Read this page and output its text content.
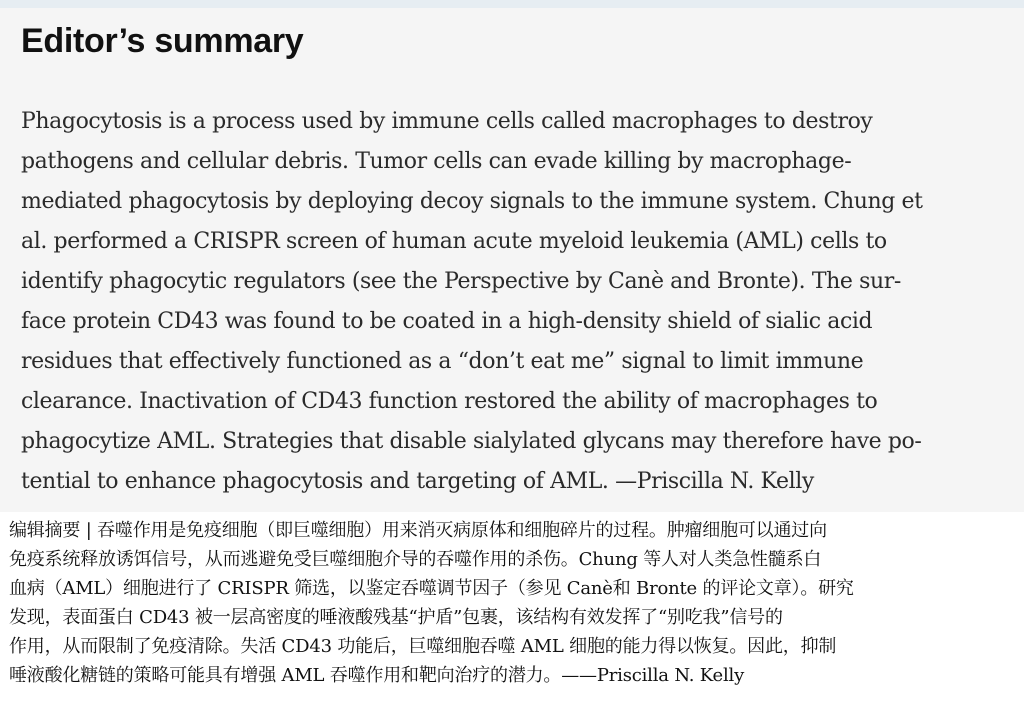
Editor’s summary

Phagocytosis is a process used by immune cells called macrophages to destroy
pathogens and cellular debris. Tumor cells can evade killing by macrophage-
mediated phagocytosis by deploying decoy signals to the immune system. Chung et
al. performed a CRISPR screen of human acute myeloid leukemia (AML) cells to
identify phagocytic regulators (see the Perspective by Canè and Bronte). The sur-
face protein CD43 was found to be coated in a high-density shield of sialic acid
residues that effectively functioned as a “don’t eat me” signal to limit immune
clearance. Inactivation of CD43 function restored the ability of macrophages to
phagocytize AML. Strategies that disable sialylated glycans may therefore have po-
tential to enhance phagocytosis and targeting of AML. —Priscilla N. Kelly

编辑摘要 | 吞噬作用是免疫细胞（即巨噬细胞）用来消灭病原体和细胞碎片的过程。肿瘤细胞可以通过向
免疫系统释放诱饵信号，从而逃避免受巨噬细胞介导的吞噬作用的杀伤。Chung 等人对人类急性髓系白
血病（AML）细胞进行了 CRISPR 筛选，以鉴定吞噬调节因子（参见 Canè和 Bronte 的评论文章）。研究
发现，表面蛋白 CD43 被一层高密度的唾液酸残基“护盾”包裹，该结构有效发挥了“别吃我”信号的
作用，从而限制了免疫清除。失活 CD43 功能后，巨噬细胞吞噬 AML 细胞的能力得以恢复。因此，抑制
唾液酸化糖链的策略可能具有增强 AML 吞噬作用和靶向治疗的潜力。——Priscilla N. Kelly
